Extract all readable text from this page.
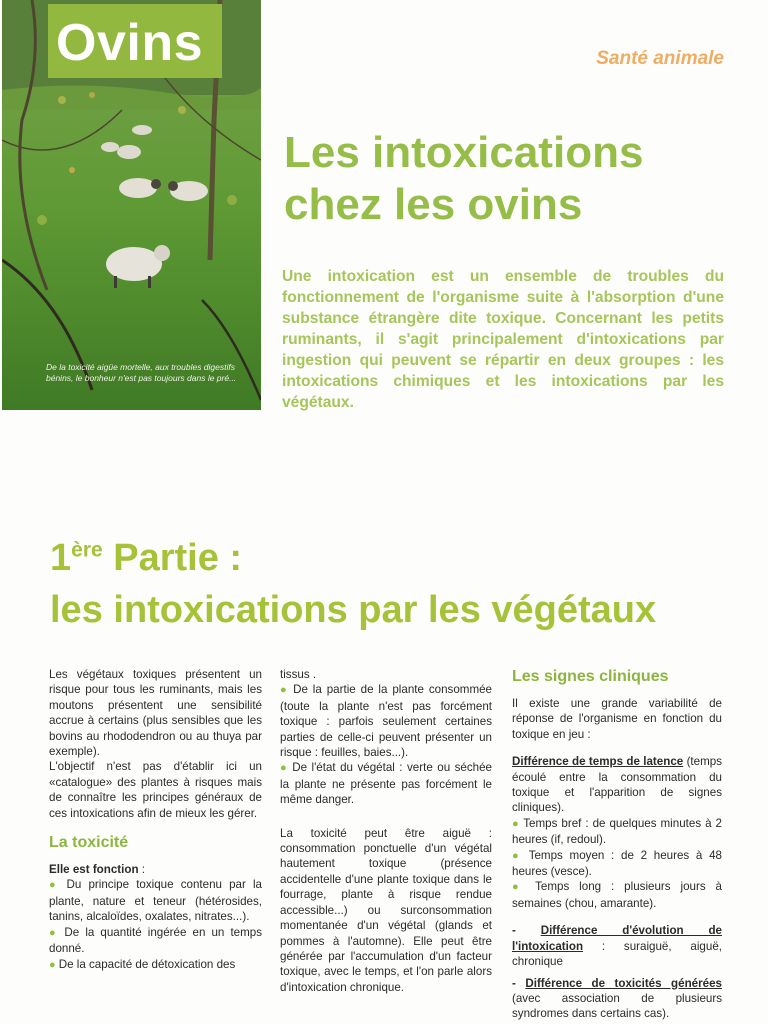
Ovins
De la toxicité aigüe mortelle, aux troubles digestifs bénins, le bonheur n'est pas toujours dans le pré...
Santé animale
Les intoxications
chez les ovins
Une intoxication est un ensemble de troubles du fonctionnement de l'organisme suite à l'absorption d'une substance étrangère dite toxique. Concernant les petits ruminants, il s'agit principalement d'intoxications par ingestion qui peuvent se répartir en deux groupes : les intoxications chimiques et les intoxications par les végétaux.
1ère Partie :
les intoxications par les végétaux

Les végétaux toxiques présentent un risque pour tous les ruminants, mais les moutons présentent une sensibilité accrue à certains (plus sensibles que les bovins au rhododendron ou au thuya par exemple).

L'objectif n'est pas d'établir ici un «catalogue» des plantes à risques mais de connaître les principes généraux de ces intoxications afin de mieux les gérer.

La toxicité

Elle est fonction :

● Du principe toxique contenu par la plante, nature et teneur (hétérosides, tanins, alcaloïdes, oxalates, nitrates...).

● De la quantité ingérée en un temps donné.

● De la capacité de détoxication des

tissus .

● De la partie de la plante consommée (toute la plante n'est pas forcément toxique : parfois seulement certaines parties de celle-ci peuvent présenter un risque : feuilles, baies...).

● De l'état du végétal : verte ou séchée la plante ne présente pas forcément le même danger.

La toxicité peut être aiguë : consommation ponctuelle d'un végétal hautement toxique (présence accidentelle d'une plante toxique dans le fourrage, plante à risque rendue accessible...) ou surconsommation momentanée d'un végétal (glands et pommes à l'automne). Elle peut être générée par l'accumulation d'un facteur toxique, avec le temps, et l'on parle alors d'intoxication chronique.

Les signes cliniques

Il existe une grande variabilité de réponse de l'organisme en fonction du toxique en jeu :

Différence de temps de latence (temps écoulé entre la consommation du toxique et l'apparition de signes cliniques).

● Temps bref : de quelques minutes à 2 heures (if, redoul).

● Temps moyen : de 2 heures à 48 heures (vesce).

● Temps long : plusieurs jours à semaines (chou, amarante).

- Différence d'évolution de l'intoxication : suraiguë, aiguë, chronique

- Différence de toxicités générées (avec association de plusieurs syndromes dans certains cas).
